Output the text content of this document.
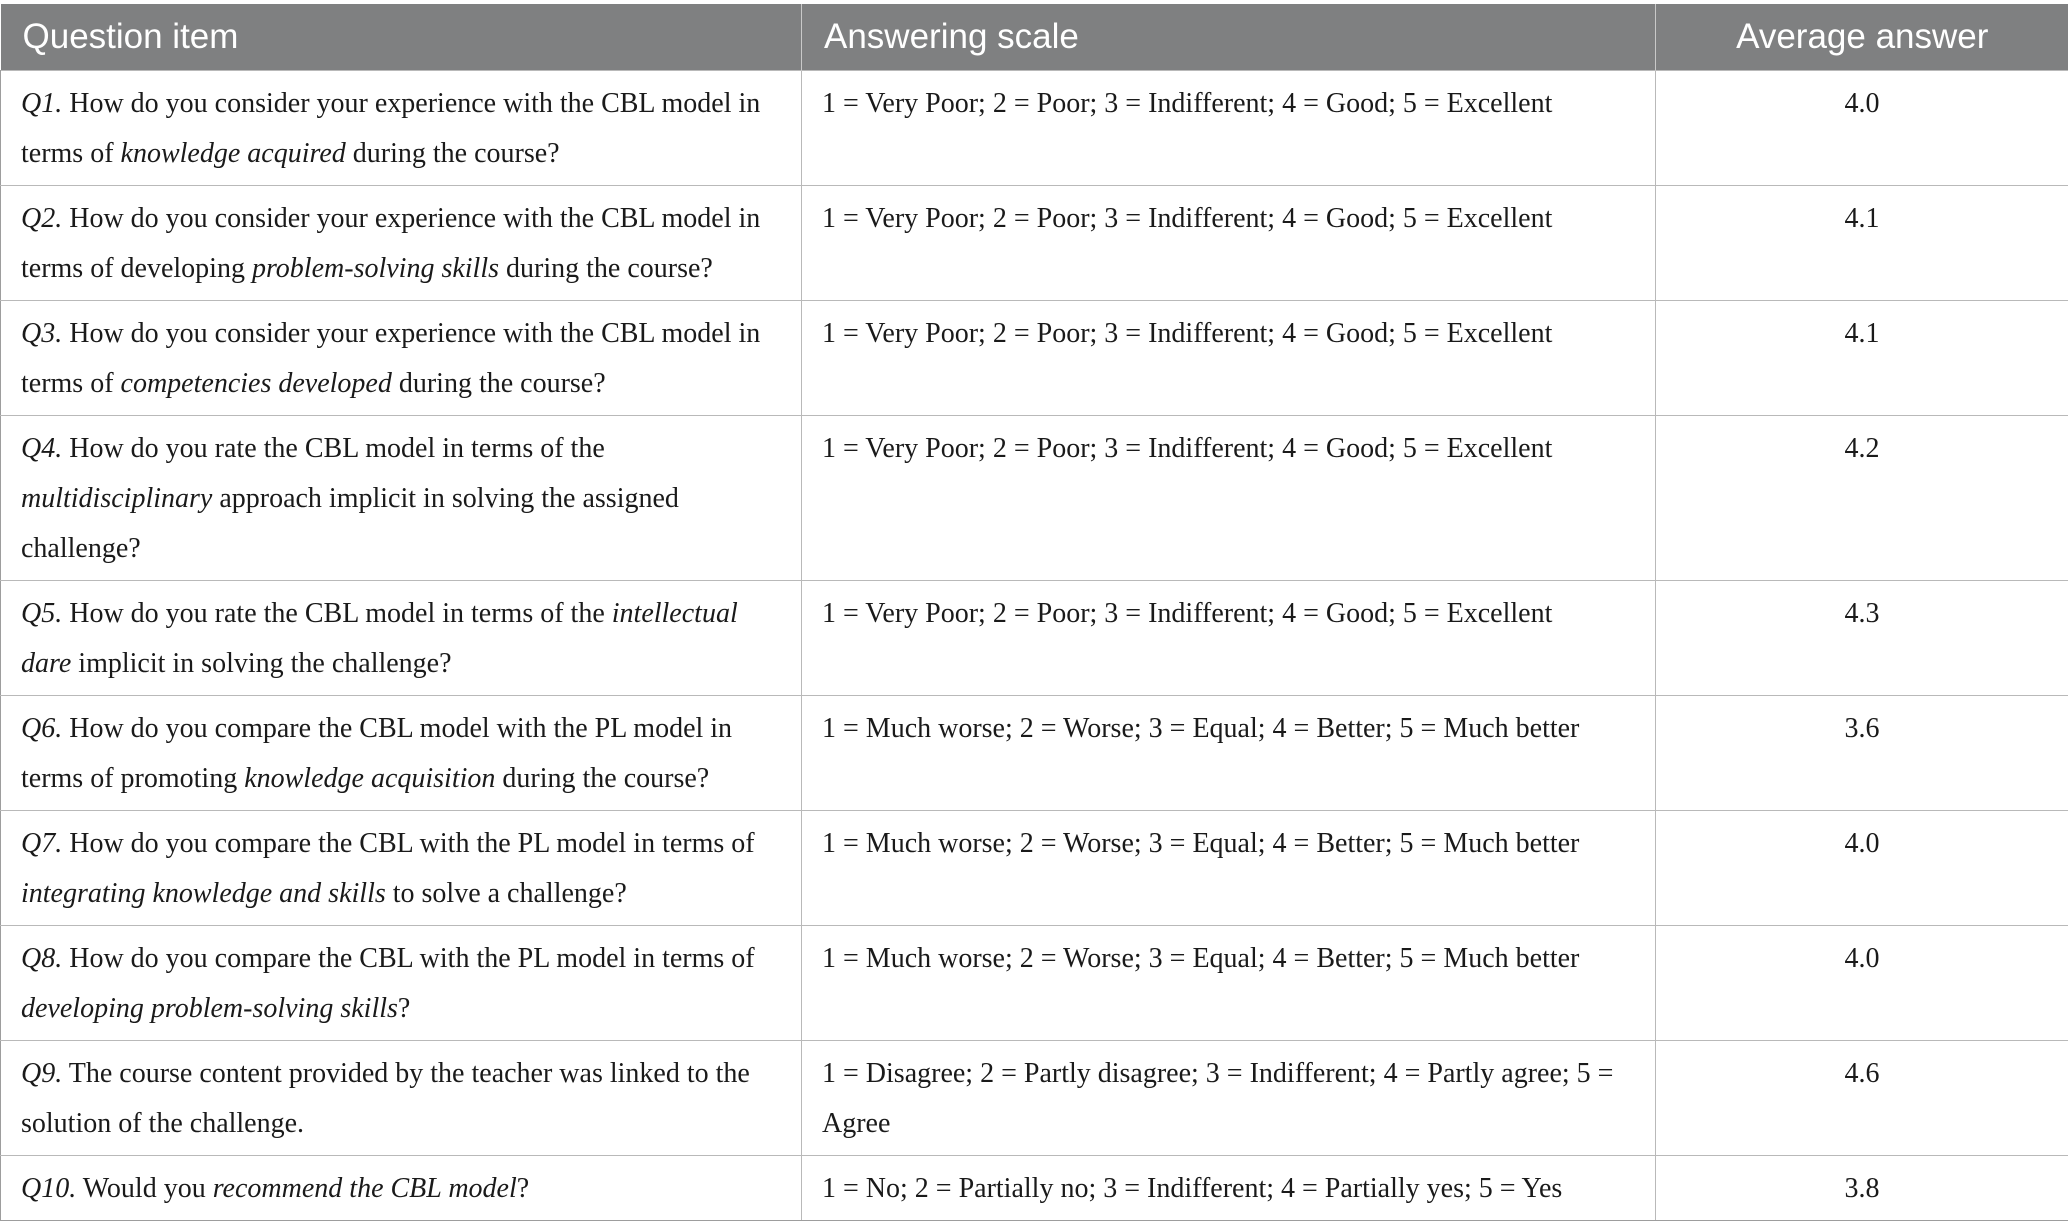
Question item	Answering scale	Average answer
Q1. How do you consider your experience with the CBL model in terms of knowledge acquired during the course?	1 = Very Poor; 2 = Poor; 3 = Indifferent; 4 = Good; 5 = Excellent	4.0
Q2. How do you consider your experience with the CBL model in terms of developing problem-solving skills during the course?	1 = Very Poor; 2 = Poor; 3 = Indifferent; 4 = Good; 5 = Excellent	4.1
Q3. How do you consider your experience with the CBL model in terms of competencies developed during the course?	1 = Very Poor; 2 = Poor; 3 = Indifferent; 4 = Good; 5 = Excellent	4.1
Q4. How do you rate the CBL model in terms of the multidisciplinary approach implicit in solving the assigned challenge?	1 = Very Poor; 2 = Poor; 3 = Indifferent; 4 = Good; 5 = Excellent	4.2
Q5. How do you rate the CBL model in terms of the intellectual dare implicit in solving the challenge?	1 = Very Poor; 2 = Poor; 3 = Indifferent; 4 = Good; 5 = Excellent	4.3
Q6. How do you compare the CBL model with the PL model in terms of promoting knowledge acquisition during the course?	1 = Much worse; 2 = Worse; 3 = Equal; 4 = Better; 5 = Much better	3.6
Q7. How do you compare the CBL with the PL model in terms of integrating knowledge and skills to solve a challenge?	1 = Much worse; 2 = Worse; 3 = Equal; 4 = Better; 5 = Much better	4.0
Q8. How do you compare the CBL with the PL model in terms of developing problem-solving skills?	1 = Much worse; 2 = Worse; 3 = Equal; 4 = Better; 5 = Much better	4.0
Q9. The course content provided by the teacher was linked to the solution of the challenge.	1 = Disagree; 2 = Partly disagree; 3 = Indifferent; 4 = Partly agree; 5 = Agree	4.6
Q10. Would you recommend the CBL model?	1 = No; 2 = Partially no; 3 = Indifferent; 4 = Partially yes; 5 = Yes	3.8
